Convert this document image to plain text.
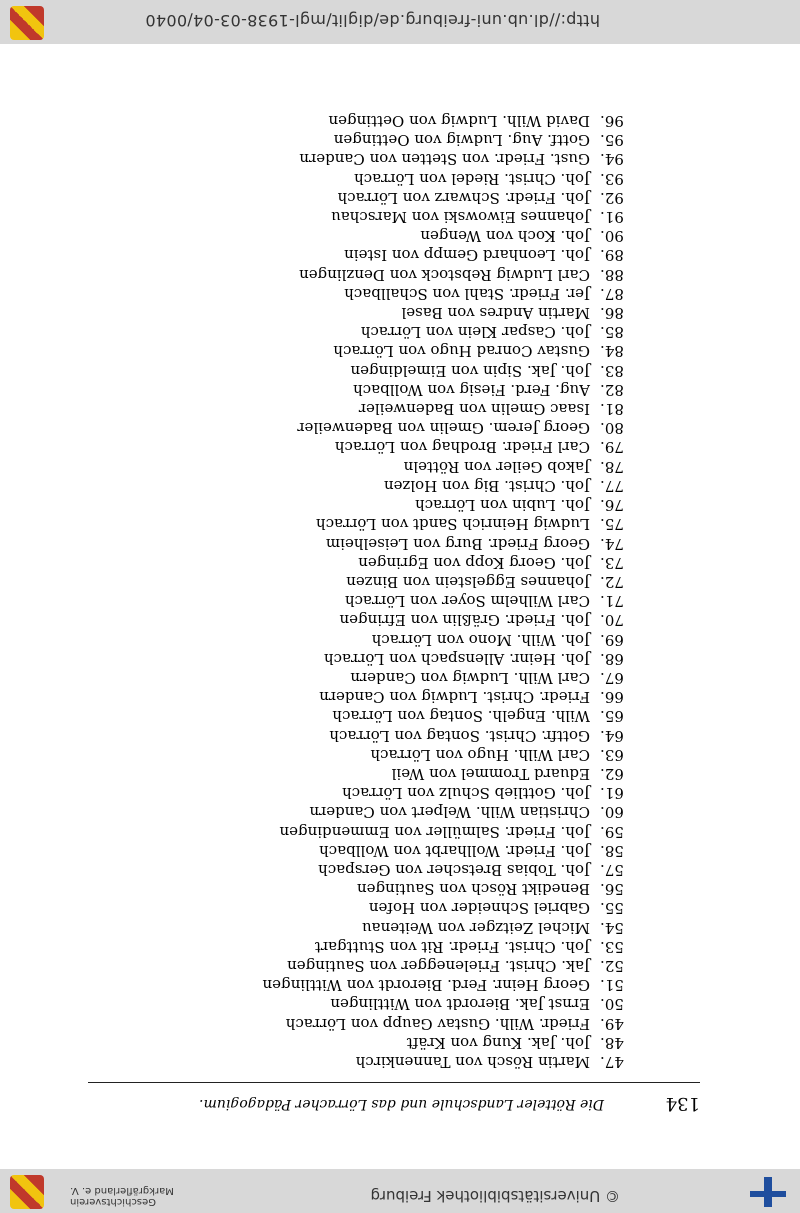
© Universitätsbibliothek Freiburg
Geschichtsverein
Markgräflerland e. V.
134
Die Rötteler Landschule und das Lörracher Pädagogium.
47.Martin Rösch von Tannenkirch
48.Joh. Jak. Kung von Kräft
49.Friedr. Wilh. Gustav Gaupp von Lörrach
50.Ernst Jak. Bierordt von Wittlingen
51.Georg Heinr. Ferd. Bierordt von Wittlingen
52.Jak. Christ. Frielenegger von Sautingen
53.Joh. Christ. Friedr. Rit von Stuttgart
54.Michel Zeitzger von Weitenau
55.Gabriel Schneider von Hofen
56.Benedikt Rösch von Sautingen
57.Joh. Tobias Bretscher von Gerspach
58.Joh. Friedr. Wollharbt von Wollbach
59.Joh. Friedr. Salmüller von Emmendingen
60.Christian Wilh. Welpert von Candern
61.Joh. Gottlieb Schulz von Lörrach
62.Eduard Trommel von Weil
63.Carl Wilh. Hugo von Lörrach
64.Gottfr. Christ. Sontag von Lörrach
65.Wilh. Engelh. Sontag von Lörrach
66.Friedr. Christ. Ludwig von Candern
67.Carl Wilh. Ludwig von Candern
68.Joh. Heinr. Allenspach von Lörrach
69.Joh. Wilh. Mono von Lörrach
70.Joh. Friedr. Gräßlin von Efringen
71.Carl Wilhelm Soyer von Lörrach
72.Johannes Eggelstein von Binzen
73.Joh. Georg Kopp von Egringen
74.Georg Friedr. Burg von Leiselheim
75.Ludwig Heinrich Sandt von Lörrach
76.Joh. Lubin von Lörrach
77.Joh. Christ. Big von Holzen
78.Jakob Geiler von Rötteln
79.Carl Friedr. Brodhag von Lörrach
80.Georg Jerem. Gmelin von Badenweiler
81.Isaac Gmelin von Badenweiler
82.Aug. Ferd. Fiesig von Wollbach
83.Joh. Jak. Sipin von Eimeldingen
84.Gustav Conrad Hugo von Lörrach
85.Joh. Caspar Klein von Lörrach
86.Martin Andres von Basel
87.Jer. Friedr. Stahl von Schallbach
88.Carl Ludwig Rebstock von Denzlingen
89.Joh. Leonhard Gempp von Istein
90.Joh. Koch von Wengen
91.Johannes Eiwowski von Marschau
92.Joh. Friedr. Schwarz von Lörrach
93.Joh. Christ. Riedel von Lörrach
94.Gust. Friedr. von Stetten von Candern
95.Gottf. Aug. Ludwig von Oettingen
96.David Wilh. Ludwig von Oettingen
http://dl.ub.uni-freiburg.de/diglit/mgl-1938-03-04/0040
